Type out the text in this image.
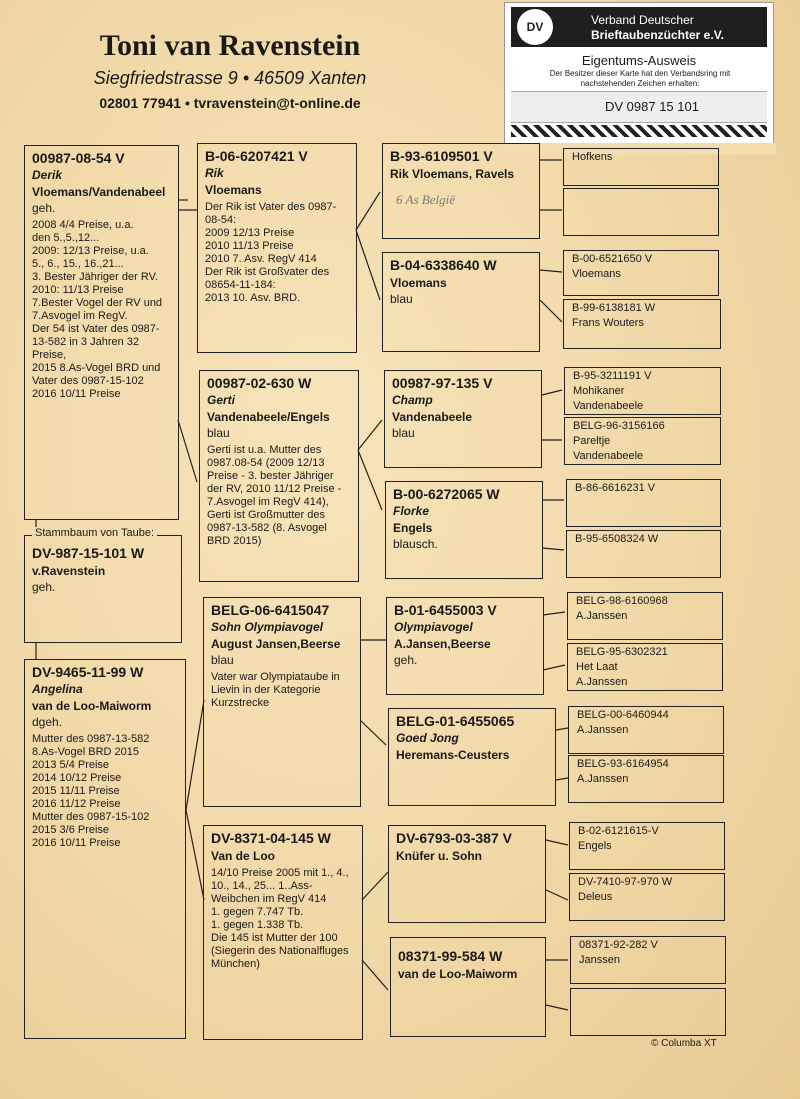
Toni van Ravenstein
Siegfriedstrasse 9 • 46509 Xanten
02801 77941 • tvravenstein@t-online.de
DV	Verband Deutscher
Brieftaubenzüchter e.V.
Eigentums-Ausweis
Der Besitzer dieser Karte hat den Verbandsring mit nachstehenden Zeichen erhalten:
DV 0987 15 101
00987-08-54 V
Derik
Vloemans/Vandenabeel
geh.
2008 4/4 Preise, u.a.
den 5.,5.,12...
2009: 12/13 Preise, u.a.
5., 6., 15., 16.,21...
3. Bester Jähriger der RV.
2010: 11/13 Preise
7.Bester Vogel der RV und
7.Asvogel im RegV.
Der 54 ist Vater des 0987-
13-582 in 3 Jahren 32
Preise,
2015 8.As-Vogel BRD und
Vater des 0987-15-102
2016 10/11 Preise
DV-987-15-101 W
v.Ravenstein
geh.
Stammbaum von Taube:
DV-9465-11-99 W
Angelina
van de Loo-Maiworm
dgeh.
Mutter des 0987-13-582
8.As-Vogel BRD 2015
2013 5/4 Preise
2014 10/12 Preise
2015 11/11 Preise
2016 11/12 Preise
Mutter des 0987-15-102
2015 3/6 Preise
2016 10/11 Preise
B-06-6207421 V
Rik
Vloemans
Der Rik ist Vater des 0987-
08-54:
2009 12/13 Preise
2010 11/13 Preise
2010 7. Asv. RegV 414
Der Rik ist Großvater des
08654-11-184:
2013 10. Asv. BRD.
00987-02-630 W
Gerti
Vandenabeele/Engels
blau
Gerti ist u.a. Mutter des
0987.08-54 (2009 12/13
Preise - 3. bester Jähriger
der RV, 2010 11/12 Preise -
7.Asvogel im RegV 414),
Gerti ist Großmutter des
0987-13-582 (8. Asvogel
BRD 2015)
BELG-06-6415047
Sohn Olympiavogel
August Jansen,Beerse
blau
Vater war Olympiataube in
Lievin in der Kategorie
Kurzstrecke
DV-8371-04-145 W
Van de Loo
14/10 Preise 2005 mit 1., 4.,
10., 14., 25... 1..Ass-
Weibchen im RegV 414
1. gegen 7.747 Tb.
1. gegen 1.338 Tb.
Die 145 ist Mutter der 100
(Siegerin des Nationalfluges
München)
B-93-6109501 V
Rik Vloemans, Ravels
6 As Belgiё
B-04-6338640 W
Vloemans
blau
00987-97-135 V
Champ
Vandenabeele
blau
B-00-6272065 W
Florke
Engels
blausch.
B-01-6455003 V
Olympiavogel
A.Jansen,Beerse
geh.
BELG-01-6455065
Goed Jong
Heremans-Ceusters
DV-6793-03-387 V
Knüfer u. Sohn
08371-99-584 W
van de Loo-Maiworm
Hofkens
B-00-6521650 V
Vloemans
B-99-6138181 W
Frans Wouters
B-95-3211191 V
Mohikaner
Vandenabeele
BELG-96-3156166
Pareltje
Vandenabeele
B-86-6616231 V
B-95-6508324 W
BELG-98-6160968
A.Janssen
BELG-95-6302321
Het Laat
A.Janssen
BELG-00-6460944
A.Janssen
BELG-93-6164954
A.Janssen
B-02-6121615-V
Engels
DV-7410-97-970 W
Deleus
08371-92-282 V
Janssen
© Columba XT
